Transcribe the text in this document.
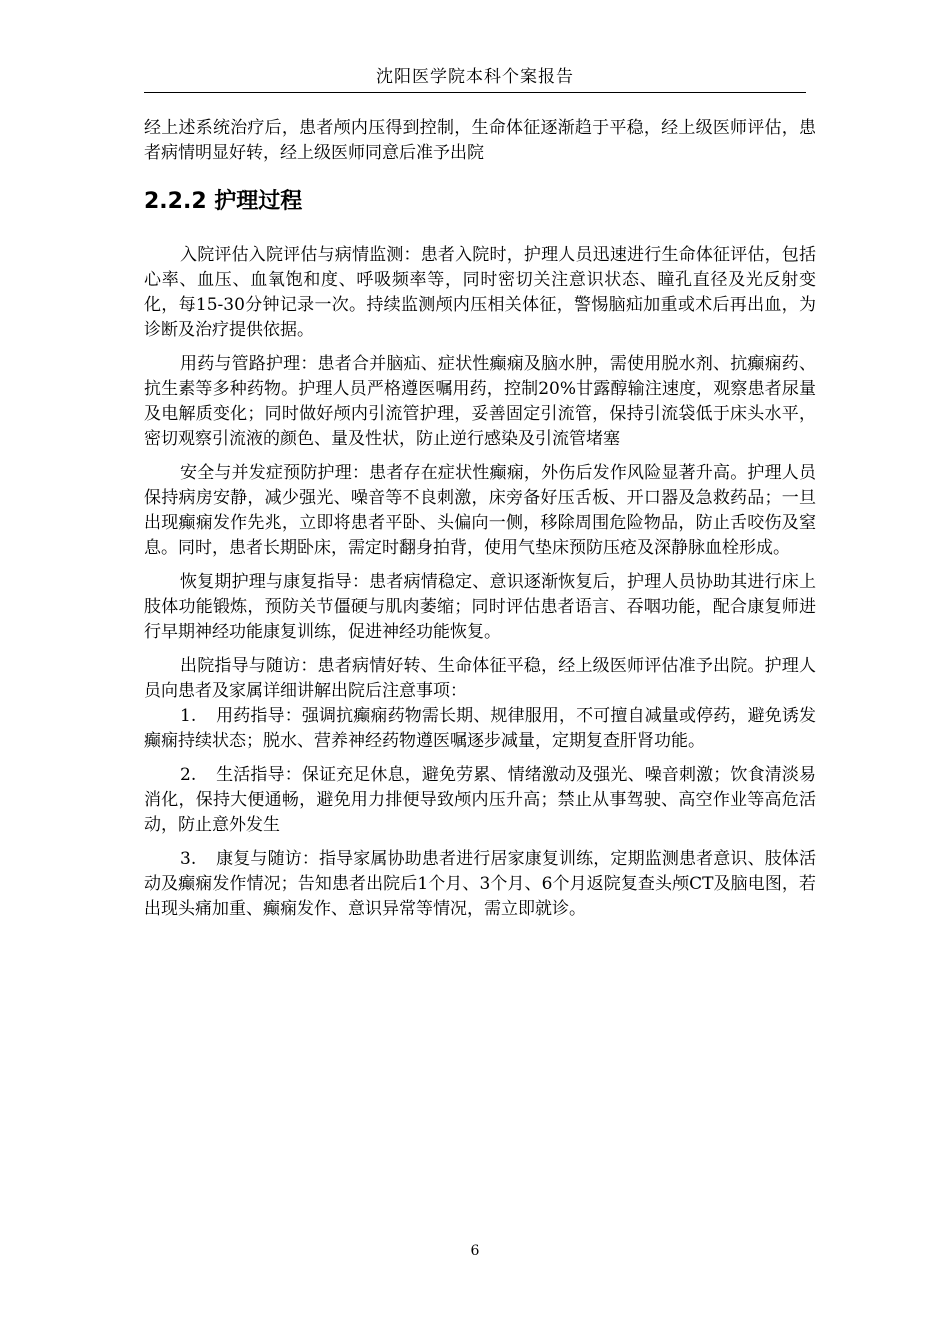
沈阳医学院本科个案报告

经上述系统治疗后，患者颅内压得到控制，生命体征逐渐趋于平稳，经上级医师评估，患者病情明显好转，经上级医师同意后准予出院

2.2.2 护理过程

入院评估入院评估与病情监测：患者入院时，护理人员迅速进行生命体征评估，包括心率、血压、血氧饱和度、呼吸频率等，同时密切关注意识状态、瞳孔直径及光反射变化，每15-30分钟记录一次。持续监测颅内压相关体征，警惕脑疝加重或术后再出血，为诊断及治疗提供依据。

用药与管路护理：患者合并脑疝、症状性癫痫及脑水肿，需使用脱水剂、抗癫痫药、抗生素等多种药物。护理人员严格遵医嘱用药，控制20%甘露醇输注速度，观察患者尿量及电解质变化；同时做好颅内引流管护理，妥善固定引流管，保持引流袋低于床头水平，密切观察引流液的颜色、量及性状，防止逆行感染及引流管堵塞

安全与并发症预防护理：患者存在症状性癫痫，外伤后发作风险显著升高。护理人员保持病房安静，减少强光、噪音等不良刺激，床旁备好压舌板、开口器及急救药品；一旦出现癫痫发作先兆，立即将患者平卧、头偏向一侧，移除周围危险物品，防止舌咬伤及窒息。同时，患者长期卧床，需定时翻身拍背，使用气垫床预防压疮及深静脉血栓形成。

恢复期护理与康复指导：患者病情稳定、意识逐渐恢复后，护理人员协助其进行床上肢体功能锻炼，预防关节僵硬与肌肉萎缩；同时评估患者语言、吞咽功能，配合康复师进行早期神经功能康复训练，促进神经功能恢复。

出院指导与随访：患者病情好转、生命体征平稳，经上级医师评估准予出院。护理人员向患者及家属详细讲解出院后注意事项：

1. 用药指导：强调抗癫痫药物需长期、规律服用，不可擅自减量或停药，避免诱发癫痫持续状态；脱水、营养神经药物遵医嘱逐步减量，定期复查肝肾功能。

2. 生活指导：保证充足休息，避免劳累、情绪激动及强光、噪音刺激；饮食清淡易消化，保持大便通畅，避免用力排便导致颅内压升高；禁止从事驾驶、高空作业等高危活动，防止意外发生

3. 康复与随访：指导家属协助患者进行居家康复训练，定期监测患者意识、肢体活动及癫痫发作情况；告知患者出院后1个月、3个月、6个月返院复查头颅CT及脑电图，若出现头痛加重、癫痫发作、意识异常等情况，需立即就诊。

6
